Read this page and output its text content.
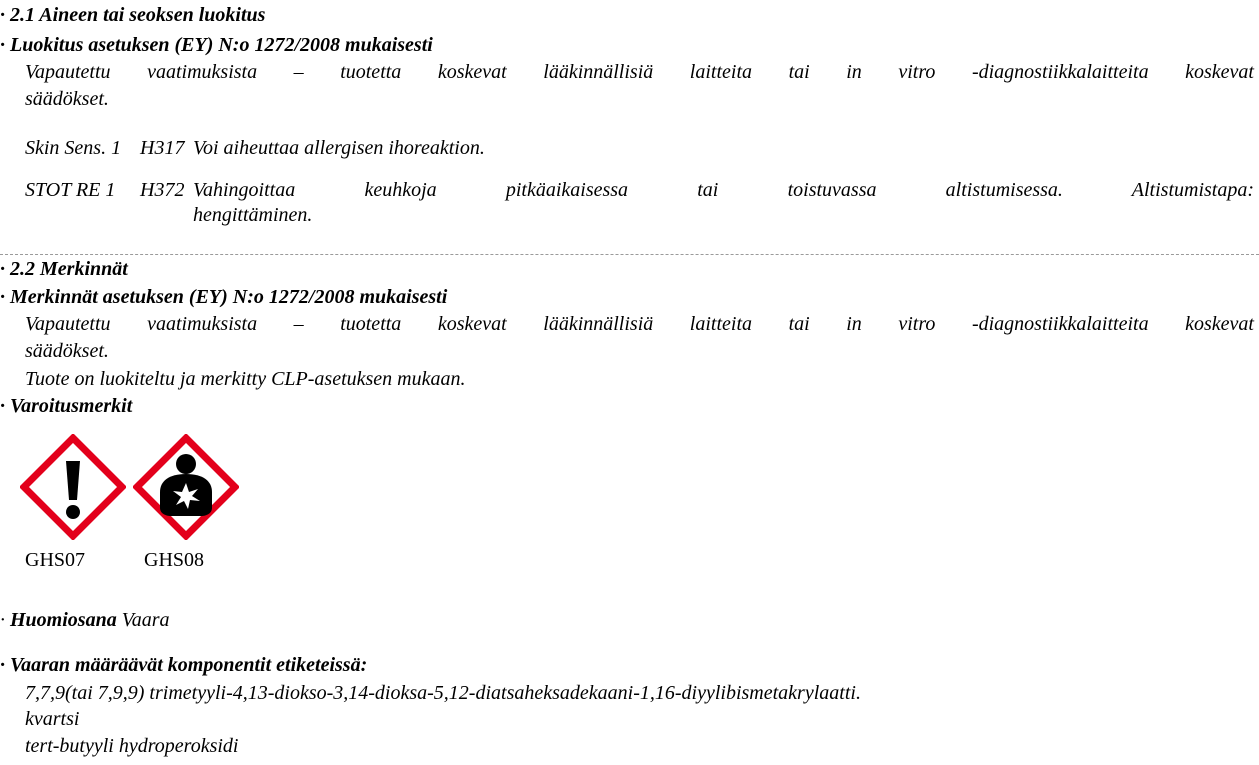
· 2.1 Aineen tai seoksen luokitus
· Luokitus asetuksen (EY) N:o 1272/2008 mukaisesti
Vapautettu vaatimuksista – tuotetta koskevat lääkinnällisiä laitteita tai in vitro -diagnostiikkalaitteita koskevat
säädökset.
Skin Sens. 1 H317 Voi aiheuttaa allergisen ihoreaktion.
STOT RE 1 H372 Vahingoittaa keuhkoja pitkäaikaisessa tai toistuvassa altistumisessa. Altistumistapa:
hengittäminen.
· 2.2 Merkinnät
· Merkinnät asetuksen (EY) N:o 1272/2008 mukaisesti
Vapautettu vaatimuksista – tuotetta koskevat lääkinnällisiä laitteita tai in vitro -diagnostiikkalaitteita koskevat
säädökset.
Tuote on luokiteltu ja merkitty CLP-asetuksen mukaan.
· Varoitusmerkit
GHS07	GHS08
· Huomiosana Vaara
· Vaaran määräävät komponentit etiketeissä:
7,7,9(tai 7,9,9) trimetyyli-4,13-diokso-3,14-dioksa-5,12-diatsaheksadekaani-1,16-diyylibismetakrylaatti.
kvartsi
tert-butyyli hydroperoksidi
